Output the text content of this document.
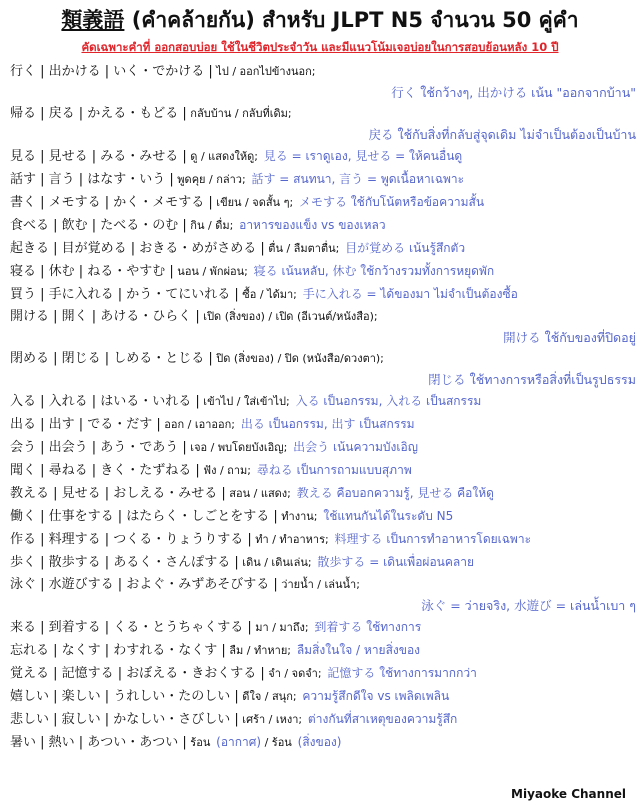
類義語 (คำคล้ายกัน) สำหรับ JLPT N5 จำนวน 50 คู่คำ
คัดเฉพาะคำที่ ออกสอบบ่อย ใช้ในชีวิตประจำวัน และมีแนวโน้มเจอบ่อยในการสอบย้อนหลัง 10 ปี
行く | 出かける | いく・でかける | ไป / ออกไปข้างนอก;
行く ใช้กว้างๆ, 出かける เน้น "ออกจากบ้าน"
帰る | 戻る | かえる・もどる | กลับบ้าน / กลับที่เดิม;
戻る ใช้กับสิ่งที่กลับสู่จุดเดิม ไม่จำเป็นต้องเป็นบ้าน
見る | 見せる | みる・みせる | ดู / แสดงให้ดู; 見る = เราดูเอง, 見せる = ให้คนอื่นดู
話す | 言う | はなす・いう | พูดคุย / กล่าว; 話す = สนทนา, 言う = พูดเนื้อหาเฉพาะ
書く | メモする | かく・メモする | เขียน / จดสั้น ๆ; メモする ใช้กับโน้ตหรือข้อความสั้น
食べる | 飲む | たべる・のむ | กิน / ดื่ม; อาหารของแข็ง vs ของเหลว
起きる | 目が覚める | おきる・めがさめる | ตื่น / ลืมตาตื่น; 目が覚める เน้นรู้สึกตัว
寝る | 休む | ねる・やすむ | นอน / พักผ่อน; 寝る เน้นหลับ, 休む ใช้กว้างรวมทั้งการหยุดพัก
買う | 手に入れる | かう・てにいれる | ซื้อ / ได้มา; 手に入れる = ได้ของมา ไม่จำเป็นต้องซื้อ
開ける | 開く | あける・ひらく | เปิด (สิ่งของ) / เปิด (อีเวนต์/หนังสือ);
開ける ใช้กับของที่ปิดอยู่
閉める | 閉じる | しめる・とじる | ปิด (สิ่งของ) / ปิด (หนังสือ/ดวงตา);
閉じる ใช้ทางการหรือสิ่งที่เป็นรูปธรรม
入る | 入れる | はいる・いれる | เข้าไป / ใส่เข้าไป; 入る เป็นอกรรม, 入れる เป็นสกรรม
出る | 出す | でる・だす | ออก / เอาออก; 出る เป็นอกรรม, 出す เป็นสกรรม
会う | 出会う | あう・であう | เจอ / พบโดยบังเอิญ; 出会う เน้นความบังเอิญ
聞く | 尋ねる | きく・たずねる | ฟัง / ถาม; 尋ねる เป็นการถามแบบสุภาพ
教える | 見せる | おしえる・みせる | สอน / แสดง; 教える คือบอกความรู้, 見せる คือให้ดู
働く | 仕事をする | はたらく・しごとをする | ทำงาน; ใช้แทนกันได้ในระดับ N5
作る | 料理する | つくる・りょうりする | ทำ / ทำอาหาร; 料理する เป็นการทำอาหารโดยเฉพาะ
歩く | 散歩する | あるく・さんぽする | เดิน / เดินเล่น; 散歩する = เดินเพื่อผ่อนคลาย
泳ぐ | 水遊びする | およぐ・みずあそびする | ว่ายน้ำ / เล่นน้ำ;
泳ぐ = ว่ายจริง, 水遊び = เล่นน้ำเบา ๆ
来る | 到着する | くる・とうちゃくする | มา / มาถึง; 到着する ใช้ทางการ
忘れる | なくす | わすれる・なくす | ลืม / ทำหาย; ลืมสิ่งในใจ / หายสิ่งของ
覚える | 記憶する | おぼえる・きおくする | จำ / จดจำ; 記憶する ใช้ทางการมากกว่า
嬉しい | 楽しい | うれしい・たのしい | ดีใจ / สนุก; ความรู้สึกดีใจ vs เพลิดเพลิน
悲しい | 寂しい | かなしい・さびしい | เศร้า / เหงา; ต่างกันที่สาเหตุของความรู้สึก
暑い | 熱い | あつい・あつい | ร้อน (อากาศ) / ร้อน (สิ่งของ)
Miyaoke Channel
